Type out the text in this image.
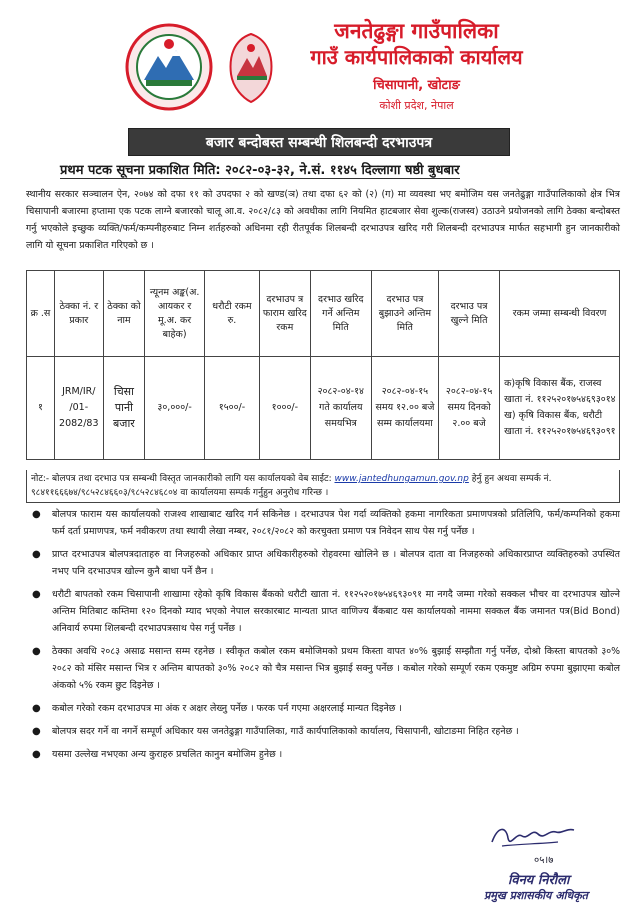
जनतेढुङ्गा गाउँपालिका
गाउँ कार्यपालिकाको कार्यालय
चिसापानी, खोटाङ
कोशी प्रदेश, नेपाल
बजार बन्दोबस्त सम्बन्धी शिलबन्दी दरभाउपत्र
प्रथम पटक सूचना प्रकाशित मिति: २०८२-०३-३२, ने.सं. ११४५ दिल्लागा षष्ठी बुधबार

स्थानीय सरकार सञ्चालन ऐन, २०७४ को दफा ११ को उपदफा २ को खण्ड(ञ) तथा दफा ६२ को (२) (ग) मा व्यवस्था भए बमोजिम यस जनतेढुङ्गा गाउँपालिकाको क्षेत्र भित्र चिसापानी बजारमा हप्तामा एक पटक लाग्ने बजारको चालू आ.व. २०८२/८३ को अवधीका लागि नियमित हाटबजार सेवा शुल्क(राजस्व) उठाउने प्रयोजनको लागि ठेक्का बन्दोबस्त गर्नु भएकोले इच्छुक व्यक्ति/फर्म/कम्पनीहरुबाट निम्न शर्तहरुको अधिनमा रही रीतपूर्वक शिलबन्दी दरभाउपत्र खरिद गरी शिलबन्दी दरभाउपत्र मार्फत सहभागी हुन जानकारीको लागि यो सूचना प्रकाशित गरिएको छ ।

क्र .स	ठेक्का नं. र प्रकार	ठेक्का को नाम	न्यूनम अङ्क(अ. आयकर र मू.अ. कर बाहेक)	धरौटी रकम रु.	दरभाउप त्र फाराम खरिद रकम	दरभाउ खरिद गर्ने अन्तिम मिति	दरभाउ पत्र बुझाउने अन्तिम मिति	दरभाउ पत्र खुल्ने मिति	रकम जम्मा सम्बन्धी विवरण
१	JRM/IR/ /01- 2082/83	चिसा पानी बजार	३०,०००/-	१५००/-	१०००/-	२०८२-०४-१४ गते कार्यालय समयभित्र	२०८२-०४-१५ समय १२.०० बजे सम्म कार्यालयमा	२०८२-०४-१५ समय दिनको २.०० बजे	क)कृषि विकास बैंक, राजस्व खाता नं. ११२५२०१७५४६९३०१४ ख) कृषि विकास बैंक, धरौटी खाता नं. ११२५२०१७५४६९३०९१
नोट:- बोलपत्र तथा दरभाउ पत्र सम्बन्धी विस्तृत जानकारीको लागि यस कार्यालयको वेब साईट: www.jantedhungamun.gov.np हेर्नु हुन अथवा सम्पर्क नं. ९८४११६६६७४/९८५२८४६६०३/९८५२८४६८०४ वा कार्यालयमा सम्पर्क गर्नुहुन अनुरोध गरिन्छ ।
● बोलपत्र फाराम यस कार्यालयको राजश्व शाखाबाट खरिद गर्न सकिनेछ । दरभाउपत्र पेश गर्दा व्यक्तिको हकमा नागरिकता प्रमाणपत्रको प्रतिलिपि, फर्म/कम्पनिको हकमा फर्म दर्ता प्रमाणपत्र, फर्म नवीकरण तथा स्थायी लेखा नम्बर, २०८१/२०८२ को करचुक्ता प्रमाण पत्र निवेदन साथ पेस गर्नु पर्नेछ ।
● प्राप्त दरभाउपत्र बोलपत्रदाताहरु वा निजहरुको अधिकार प्राप्त अधिकारीहरुको रोहवरमा खोलिने छ । बोलपत्र दाता वा निजहरुको अधिकारप्राप्त व्यक्तिहरुको उपस्थित नभए पनि दरभाउपत्र खोल्न कुनै बाधा पर्ने छैन ।
● धरौटी बापतको रकम चिसापानी शाखामा रहेको कृषि विकास बैंकको धरौटी खाता नं. ११२५२०१७५४६९३०९१ मा नगदै जम्मा गरेको सक्कल भौचर वा दरभाउपत्र खोल्ने अन्तिम मितिबाट कम्तिमा १२० दिनको म्याद भएको नेपाल सरकारबाट मान्यता प्राप्त वाणिज्य बैंकबाट यस कार्यालयको नाममा सक्कल बैंक जमानत पत्र(Bid Bond) अनिवार्य रुपमा शिलबन्दी दरभाउपत्रसाथ पेस गर्नु पर्नेछ ।
● ठेक्का अवधि २०८३ असाढ मसान्त सम्म रहनेछ । स्वीकृत कबोल रकम बमोजिमको प्रथम किस्ता वापत ४०% बुझाई सम्झौता गर्नु पर्नेछ, दोश्रो किस्ता बापतको ३०% २०८२ को मंसिर मसान्त भित्र र अन्तिम बापतको ३०% २०८२ को चैत्र मसान्त भित्र बुझाई सक्नु पर्नेछ । कबोल गरेको सम्पूर्ण रकम एकमुष्ट अग्रिम रुपमा बुझाएमा कबोल अंकको ५% रकम छुट दिइनेछ ।
● कबोल गरेको रकम दरभाउपत्र मा अंक र अक्षर लेख्नु पर्नेछ । फरक पर्न गएमा अक्षरलाई मान्यत दिइनेछ ।
● बोलपत्र सदर गर्ने वा नगर्ने सम्पूर्ण अधिकार यस जनतेढुङ्गा गाउँपालिका, गाउँ कार्यपालिकाको कार्यालय, चिसापानी, खोटाङमा निहित रहनेछ ।
● यसमा उल्लेख नभएका अन्य कुराहरु प्रचलित कानुन बमोजिम हुनेछ ।
०५।७
विनय निरौला
प्रमुख प्रशासकीय अधिकृत
